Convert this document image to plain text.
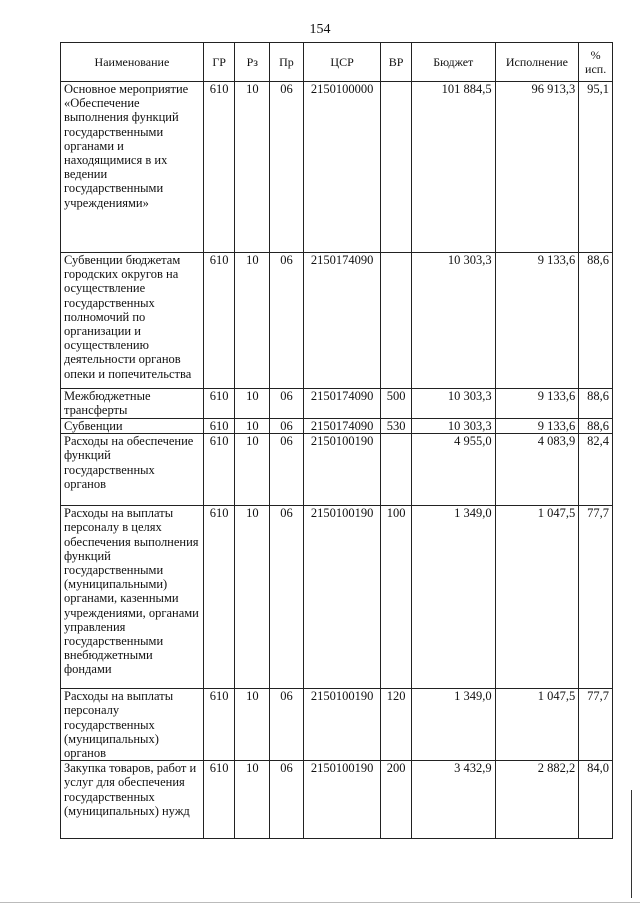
154
Наименование	ГР	Рз	Пр	ЦСР	ВР	Бюджет	Исполнение	% исп.
Основное мероприятие «Обеспечение выполнения функций государственными органами и находящимися в их ведении государственными учреждениями»	610	10	06	2150100000		101 884,5	96 913,3	95,1
Субвенции бюджетам городских округов на осуществление государственных полномочий по организации и осуществлению деятельности органов опеки и попечительства	610	10	06	2150174090		10 303,3	9 133,6	88,6
Межбюджетные трансферты	610	10	06	2150174090	500	10 303,3	9 133,6	88,6
Субвенции	610	10	06	2150174090	530	10 303,3	9 133,6	88,6
Расходы на обеспечение функций государственных органов	610	10	06	2150100190		4 955,0	4 083,9	82,4
Расходы на выплаты персоналу в целях обеспечения выполнения функций государственными (муниципальными) органами, казенными учреждениями, органами управления государственными внебюджетными фондами	610	10	06	2150100190	100	1 349,0	1 047,5	77,7
Расходы на выплаты персоналу государственных (муниципальных) органов	610	10	06	2150100190	120	1 349,0	1 047,5	77,7
Закупка товаров, работ и услуг для обеспечения государственных (муниципальных) нужд	610	10	06	2150100190	200	3 432,9	2 882,2	84,0
